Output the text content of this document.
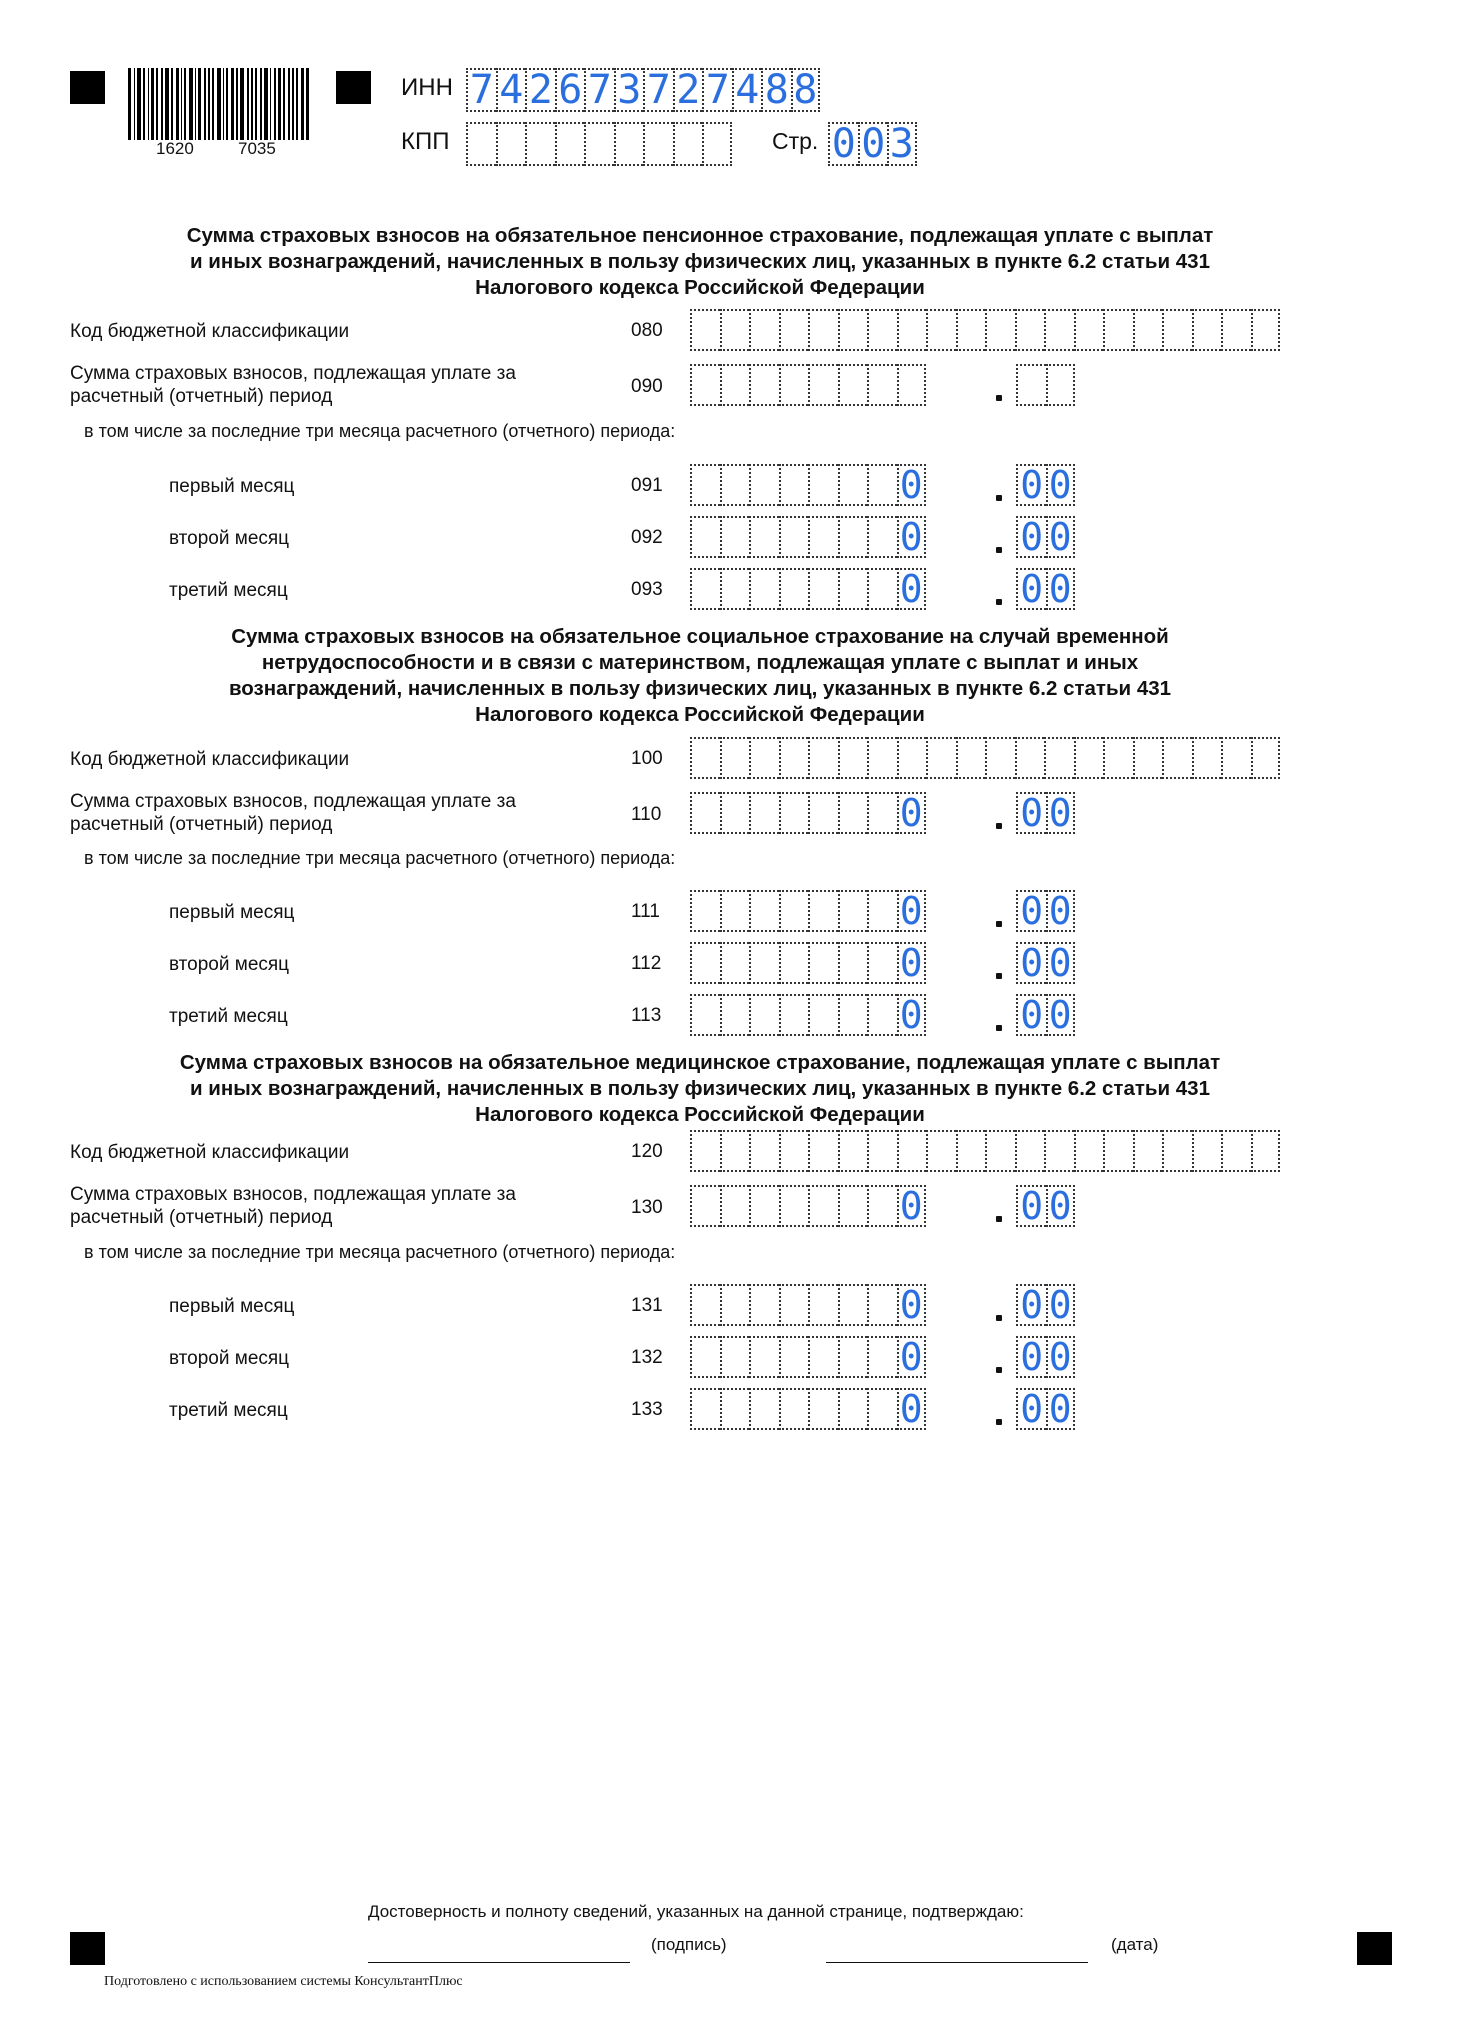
1620	7035
ИНН 7 4 2 6 7 3 7 2 7 4 8 8
КПП	Стр. 0 0 3
Сумма страховых взносов на обязательное пенсионное страхование, подлежащая уплате с выплат
и иных вознаграждений, начисленных в пользу физических лиц, указанных в пункте 6.2 статьи 431
Налогового кодекса Российской Федерации
Код бюджетной классификации	080
Сумма страховых взносов, подлежащая уплате за
расчетный (отчетный) период	090
в том числе за последние три месяца расчетного (отчетного) периода:
первый месяц	091	0	0 0
второй месяц	092	0	0 0
третий месяц	093	0	0 0
Сумма страховых взносов на обязательное социальное страхование на случай временной
нетрудоспособности и в связи с материнством, подлежащая уплате с выплат и иных
вознаграждений, начисленных в пользу физических лиц, указанных в пункте 6.2 статьи 431
Налогового кодекса Российской Федерации
Код бюджетной классификации	100
Сумма страховых взносов, подлежащая уплате за
расчетный (отчетный) период	110	0	0 0
в том числе за последние три месяца расчетного (отчетного) периода:
первый месяц	111	0	0 0
второй месяц	112	0	0 0
третий месяц	113	0	0 0
Сумма страховых взносов на обязательное медицинское страхование, подлежащая уплате с выплат
и иных вознаграждений, начисленных в пользу физических лиц, указанных в пункте 6.2 статьи 431
Налогового кодекса Российской Федерации
Код бюджетной классификации	120
Сумма страховых взносов, подлежащая уплате за
расчетный (отчетный) период	130	0	0 0
в том числе за последние три месяца расчетного (отчетного) периода:
первый месяц	131	0	0 0
второй месяц	132	0	0 0
третий месяц	133	0	0 0
Достоверность и полноту сведений, указанных на данной странице, подтверждаю:
(подпись)	(дата)
Подготовлено с использованием системы КонсультантПлюс
